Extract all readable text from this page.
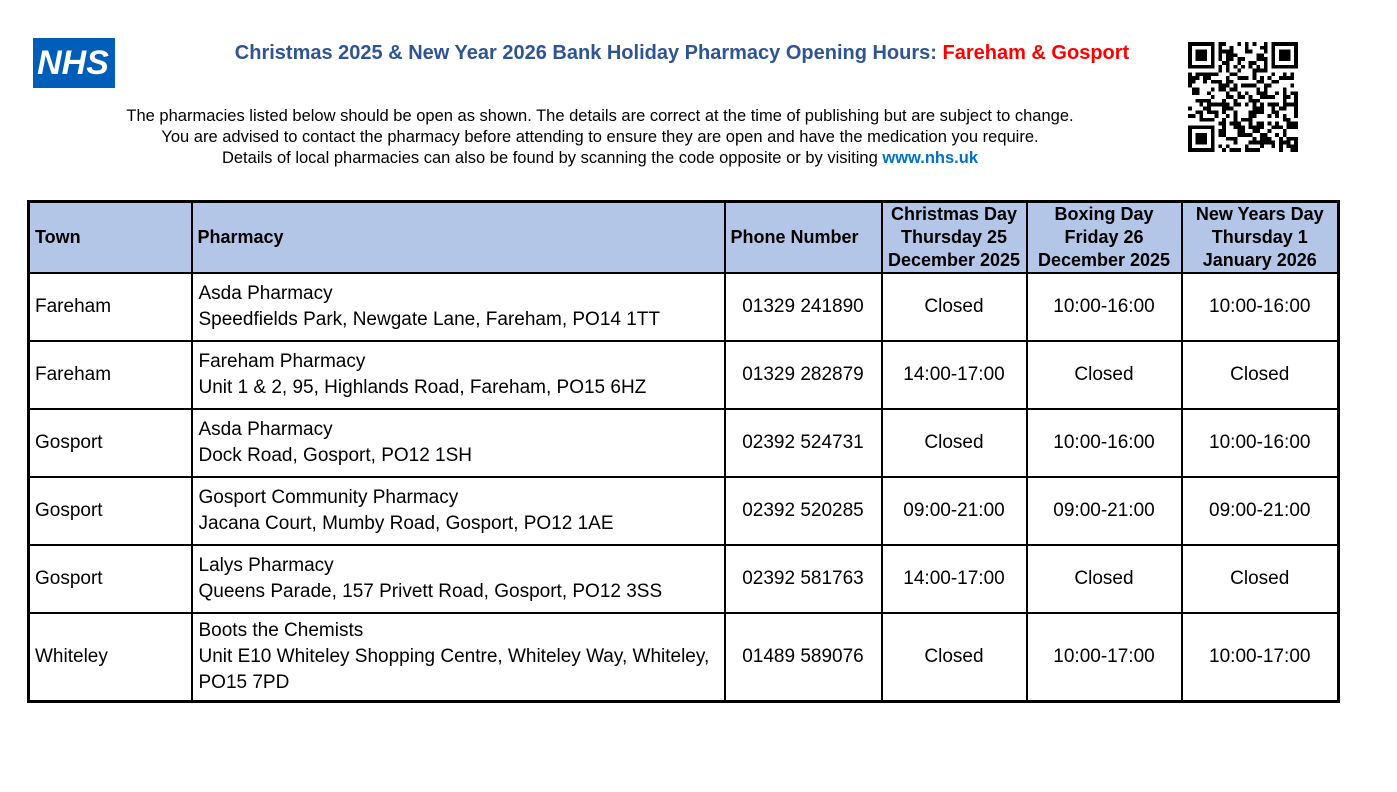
NHS	Christmas 2025 & New Year 2026 Bank Holiday Pharmacy Opening Hours: Fareham & Gosport
The pharmacies listed below should be open as shown. The details are correct at the time of publishing but are subject to change.
You are advised to contact the pharmacy before attending to ensure they are open and have the medication you require.
Details of local pharmacies can also be found by scanning the code opposite or by visiting www.nhs.uk
Town	Pharmacy	Phone Number	Christmas Day
Thursday 25
December 2025	Boxing Day
Friday 26
December 2025	New Years Day
Thursday 1
January 2026

Fareham	Asda Pharmacy
Speedfields Park, Newgate Lane, Fareham, PO14 1TT	01329 241890	Closed	10:00-16:00	10:00-16:00
Fareham	Fareham Pharmacy
Unit 1 & 2, 95, Highlands Road, Fareham, PO15 6HZ	01329 282879	14:00-17:00	Closed	Closed
Gosport	Asda Pharmacy
Dock Road, Gosport, PO12 1SH	02392 524731	Closed	10:00-16:00	10:00-16:00
Gosport	Gosport Community Pharmacy
Jacana Court, Mumby Road, Gosport, PO12 1AE	02392 520285	09:00-21:00	09:00-21:00	09:00-21:00
Gosport	Lalys Pharmacy
Queens Parade, 157 Privett Road, Gosport, PO12 3SS	02392 581763	14:00-17:00	Closed	Closed
Whiteley	Boots the Chemists
Unit E10 Whiteley Shopping Centre, Whiteley Way, Whiteley, PO15 7PD	01489 589076	Closed	10:00-17:00	10:00-17:00
